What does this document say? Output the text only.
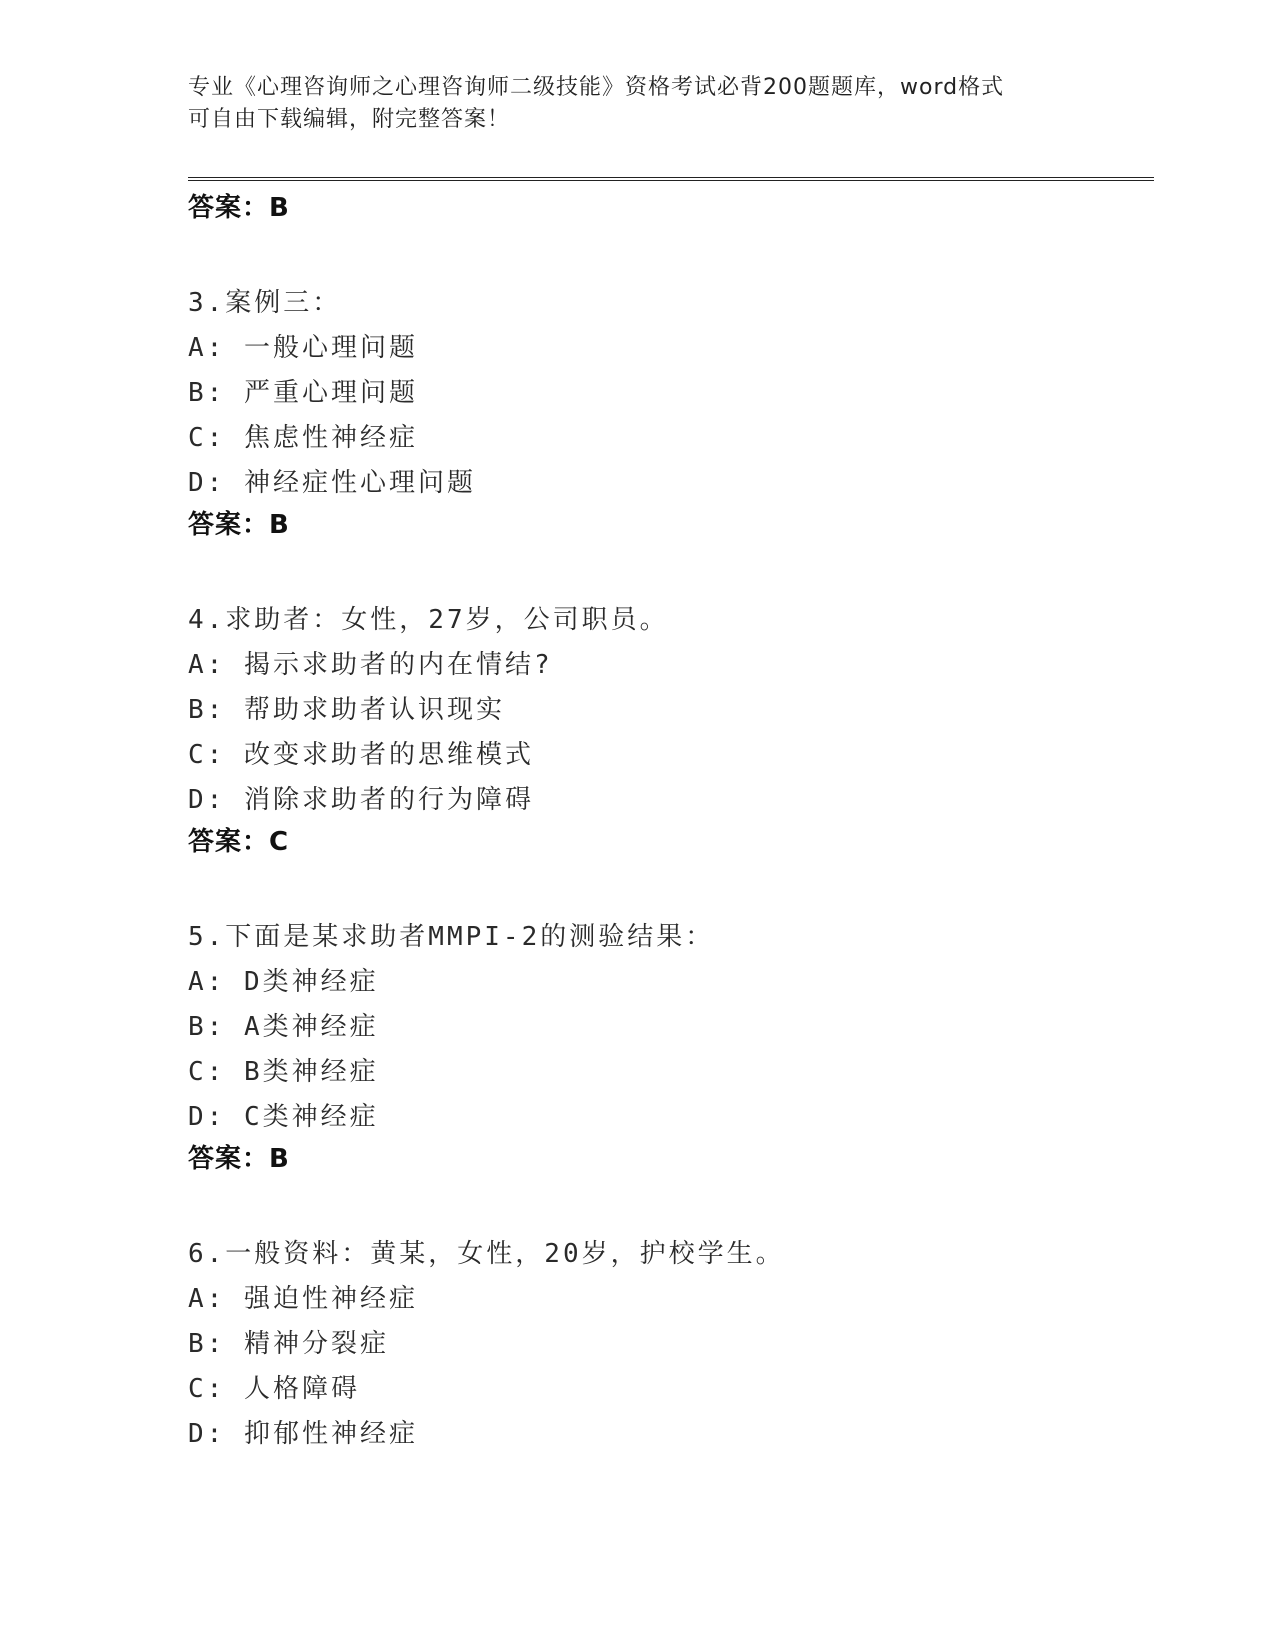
专业《心理咨询师之心理咨询师二级技能》资格考试必背200题题库，word格式
可自由下载编辑，附完整答案！
答案：B
3.案例三：
A: 一般心理问题
B: 严重心理问题
C: 焦虑性神经症
D: 神经症性心理问题
答案：B
4.求助者：女性，27岁，公司职员。
A: 揭示求助者的内在情结?
B: 帮助求助者认识现实
C: 改变求助者的思维模式
D: 消除求助者的行为障碍
答案：C
5.下面是某求助者MMPI-2的测验结果：
A: D类神经症
B: A类神经症
C: B类神经症
D: C类神经症
答案：B
6.一般资料：黄某，女性，20岁，护校学生。
A: 强迫性神经症
B: 精神分裂症
C: 人格障碍
D: 抑郁性神经症
